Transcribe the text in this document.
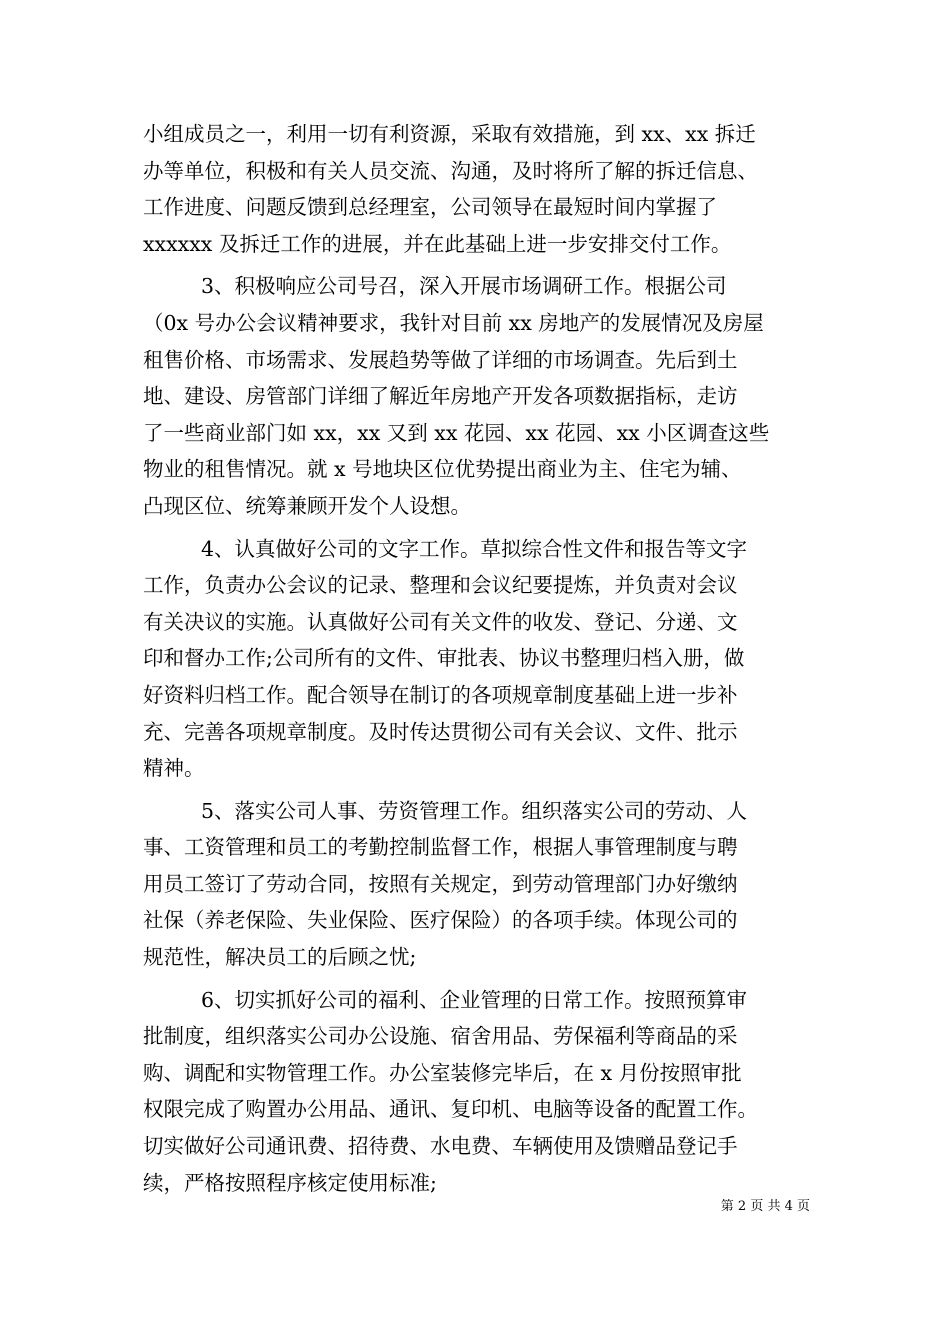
小组成员之一，利用一切有利资源，采取有效措施，到 xx、xx 拆迁
办等单位，积极和有关人员交流、沟通，及时将所了解的拆迁信息、
工作进度、问题反馈到总经理室，公司领导在最短时间内掌握了
xxxxxx 及拆迁工作的进展，并在此基础上进一步安排交付工作。
3、积极响应公司号召，深入开展市场调研工作。根据公司
（0x 号办公会议精神要求，我针对目前 xx 房地产的发展情况及房屋
租售价格、市场需求、发展趋势等做了详细的市场调查。先后到土
地、建设、房管部门详细了解近年房地产开发各项数据指标，走访
了一些商业部门如 xx，xx 又到 xx 花园、xx 花园、xx 小区调查这些
物业的租售情况。就 x 号地块区位优势提出商业为主、住宅为辅、
凸现区位、统筹兼顾开发个人设想。
4、认真做好公司的文字工作。草拟综合性文件和报告等文字
工作，负责办公会议的记录、整理和会议纪要提炼，并负责对会议
有关决议的实施。认真做好公司有关文件的收发、登记、分递、文
印和督办工作;公司所有的文件、审批表、协议书整理归档入册，做
好资料归档工作。配合领导在制订的各项规章制度基础上进一步补
充、完善各项规章制度。及时传达贯彻公司有关会议、文件、批示
精神。
5、落实公司人事、劳资管理工作。组织落实公司的劳动、人
事、工资管理和员工的考勤控制监督工作，根据人事管理制度与聘
用员工签订了劳动合同，按照有关规定，到劳动管理部门办好缴纳
社保（养老保险、失业保险、医疗保险）的各项手续。体现公司的
规范性，解决员工的后顾之忧;
6、切实抓好公司的福利、企业管理的日常工作。按照预算审
批制度，组织落实公司办公设施、宿舍用品、劳保福利等商品的采
购、调配和实物管理工作。办公室装修完毕后，在 x 月份按照审批
权限完成了购置办公用品、通讯、复印机、电脑等设备的配置工作。
切实做好公司通讯费、招待费、水电费、车辆使用及馈赠品登记手
续，严格按照程序核定使用标准;
第 2 页 共 4 页
